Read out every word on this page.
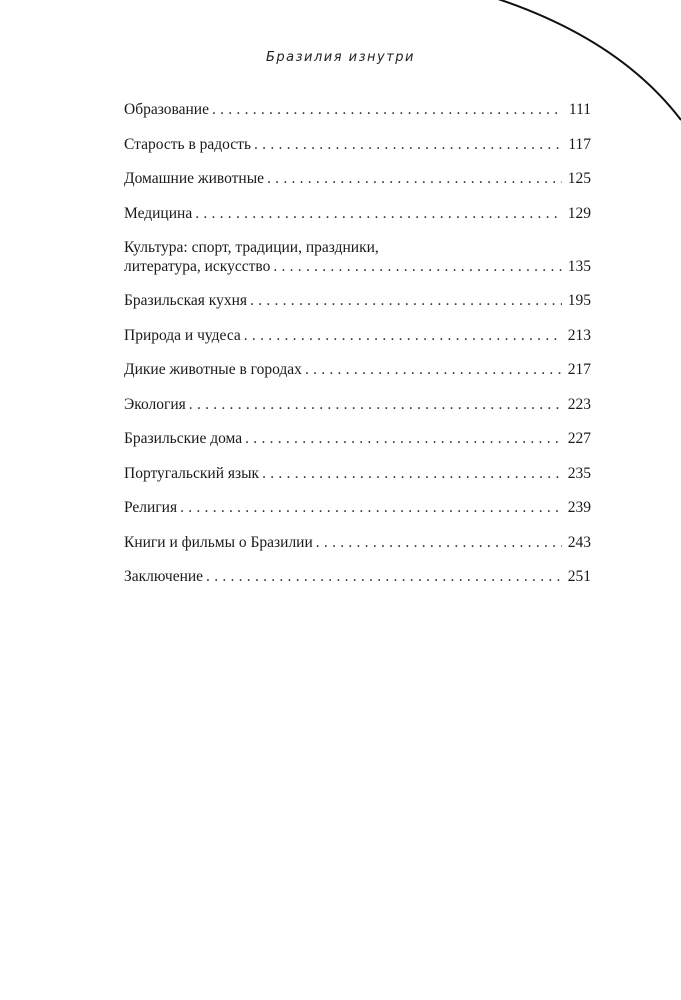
Бразилия изнутри
Образование . . .	111
Старость в радость . . .	117
Домашние животные . . .	125
Медицина . . .	129
Культура: спорт, традиции, праздники,
литература, искусство . . .	135
Бразильская кухня . . .	195
Природа и чудеса . . .	213
Дикие животные в городах . . .	217
Экология . . .	223
Бразильские дома . . .	227
Португальский язык . . .	235
Религия . . .	239
Книги и фильмы о Бразилии . . .	243
Заключение . . .	251
